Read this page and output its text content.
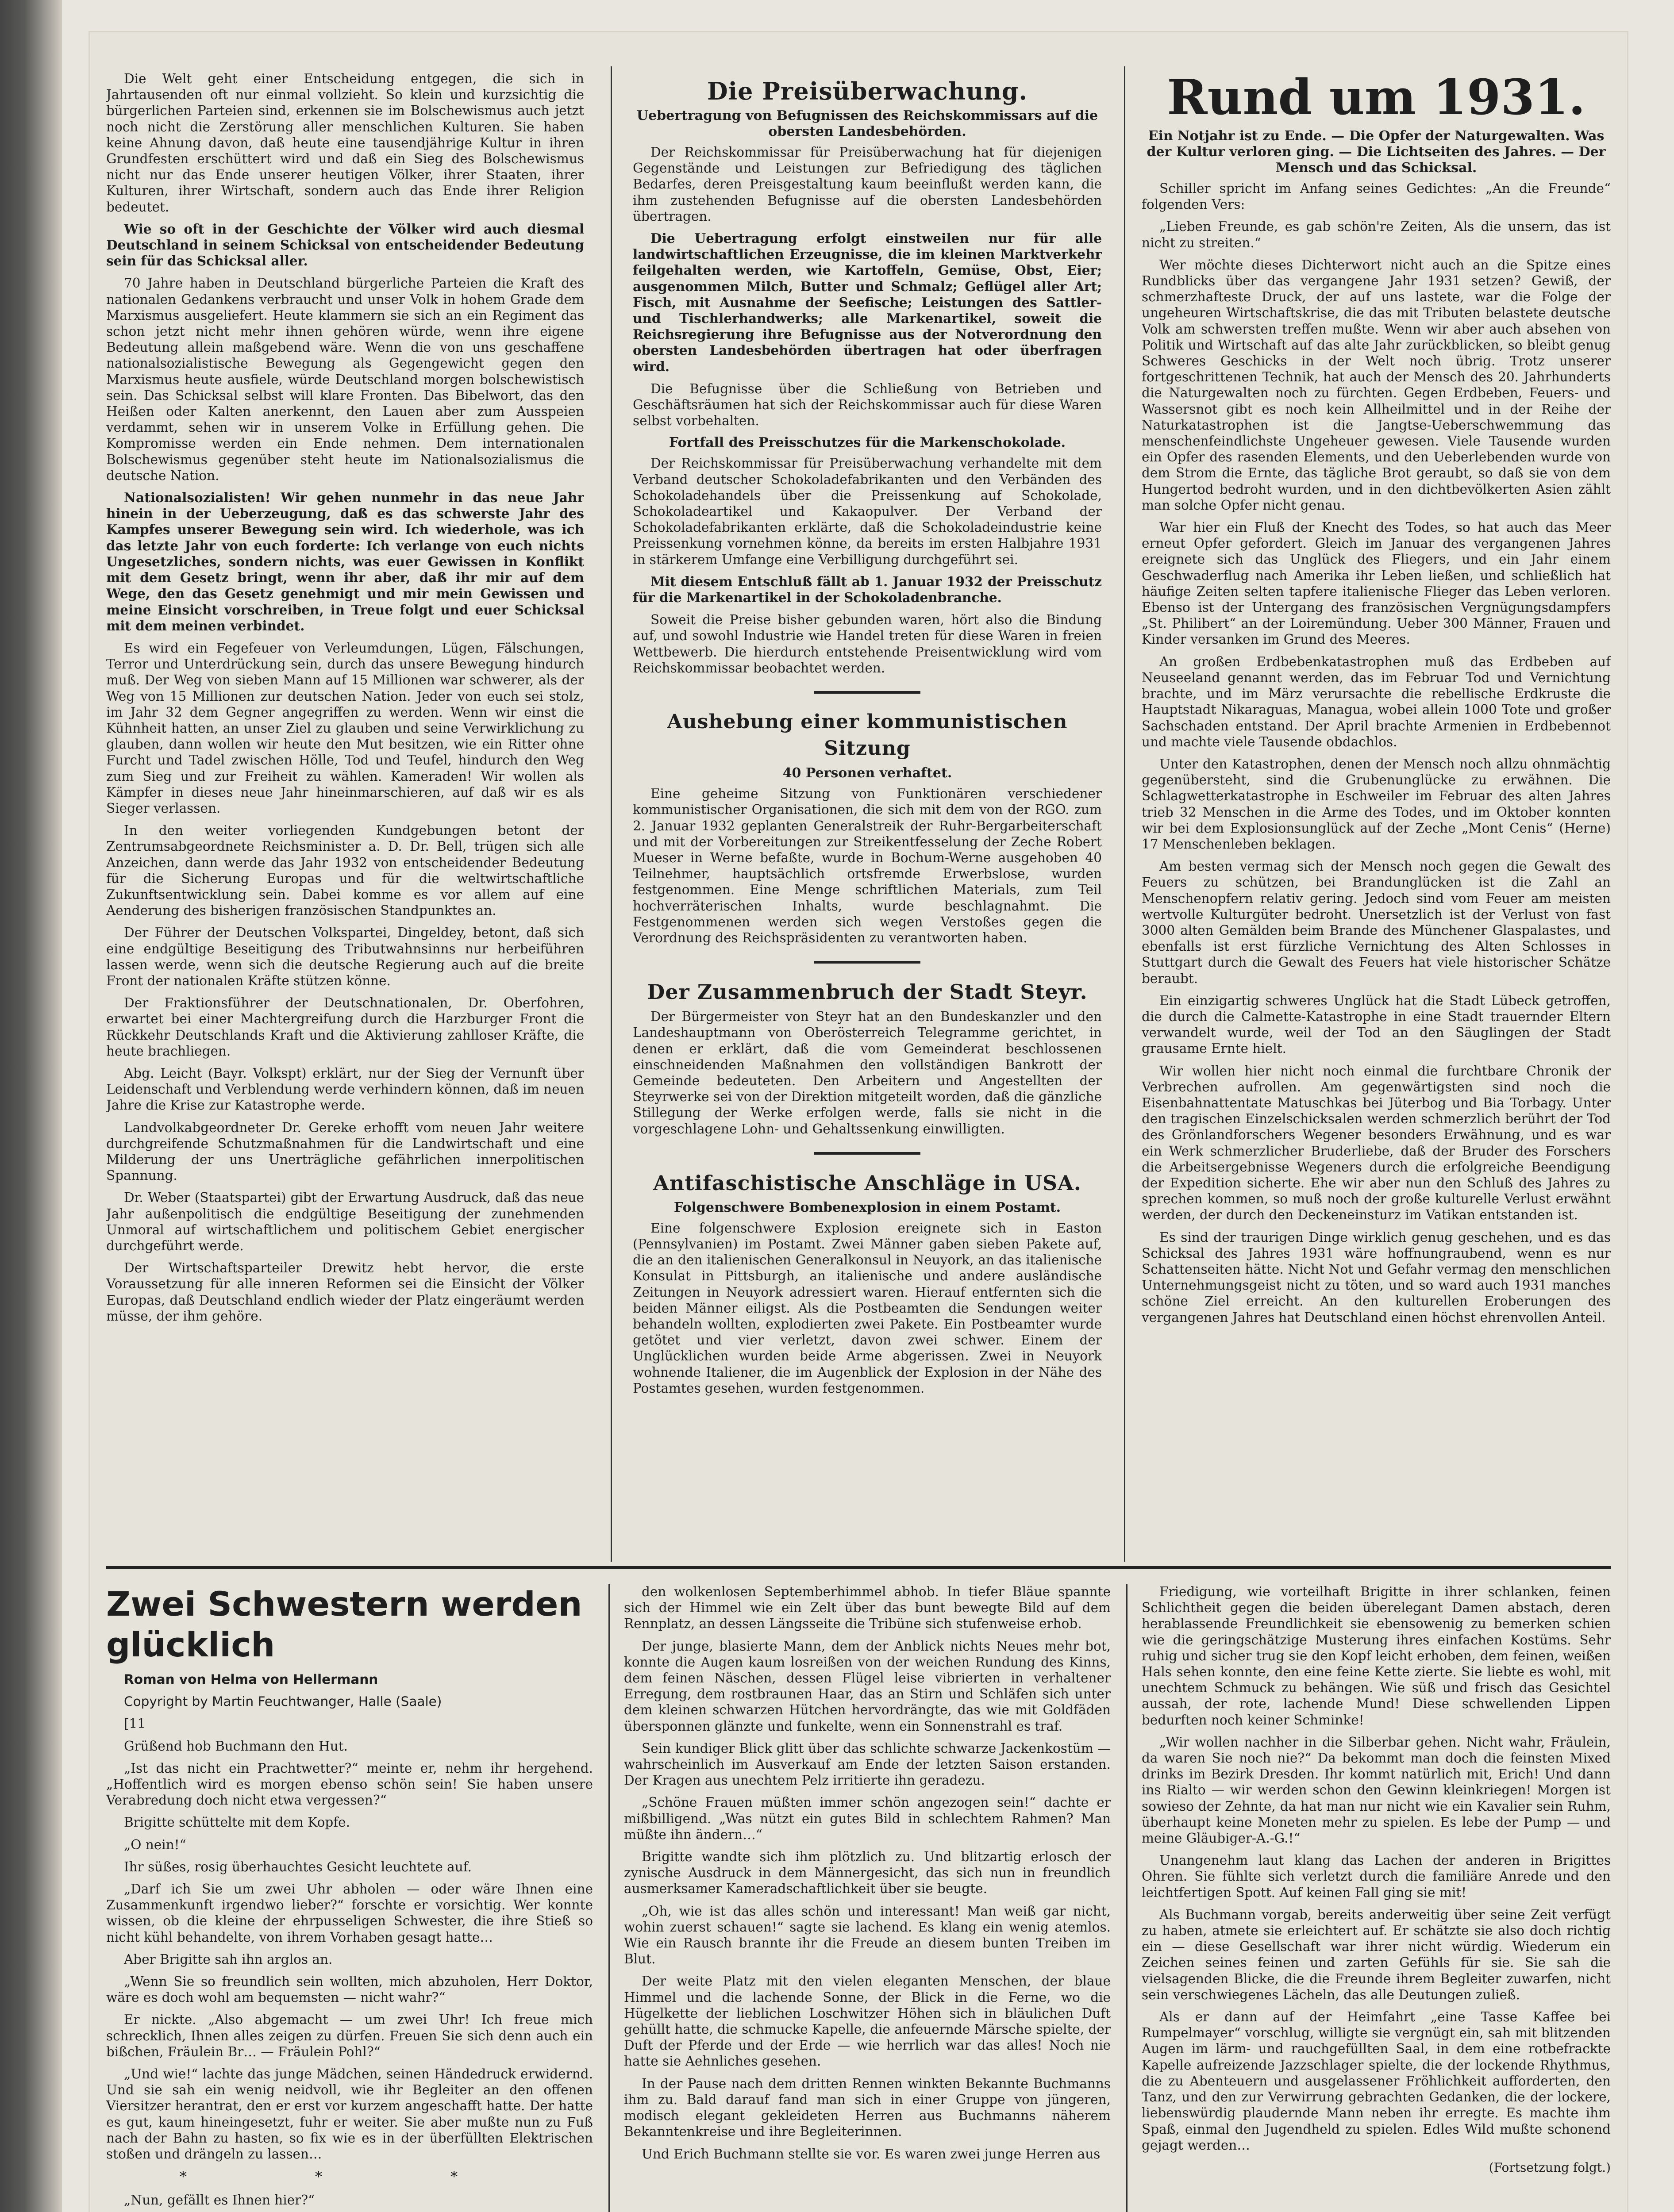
Die Welt geht einer Entscheidung entgegen, die sich in Jahrtausenden oft nur einmal vollzieht. So klein und kurzsichtig die bürgerlichen Parteien sind, erkennen sie im Bolschewismus auch jetzt noch nicht die Zerstörung aller menschlichen Kulturen. Sie haben keine Ahnung davon, daß heute eine tausendjährige Kultur in ihren Grundfesten erschüttert wird und daß ein Sieg des Bolschewismus nicht nur das Ende unserer heutigen Völker, ihrer Staaten, ihrer Kulturen, ihrer Wirtschaft, sondern auch das Ende ihrer Religion bedeutet.

Wie so oft in der Geschichte der Völker wird auch diesmal Deutschland in seinem Schicksal von entscheidender Bedeutung sein für das Schicksal aller.

70 Jahre haben in Deutschland bürgerliche Parteien die Kraft des nationalen Gedankens verbraucht und unser Volk in hohem Grade dem Marxismus ausgeliefert. Heute klammern sie sich an ein Regiment das schon jetzt nicht mehr ihnen gehören würde, wenn ihre eigene Bedeutung allein maßgebend wäre. Wenn die von uns geschaffene nationalsozialistische Bewegung als Gegengewicht gegen den Marxismus heute ausfiele, würde Deutschland morgen bolschewistisch sein. Das Schicksal selbst will klare Fronten. Das Bibelwort, das den Heißen oder Kalten anerkennt, den Lauen aber zum Ausspeien verdammt, sehen wir in unserem Volke in Erfüllung gehen. Die Kompromisse werden ein Ende nehmen. Dem internationalen Bolschewismus gegenüber steht heute im Nationalsozialismus die deutsche Nation.

Nationalsozialisten! Wir gehen nunmehr in das neue Jahr hinein in der Ueberzeugung, daß es das schwerste Jahr des Kampfes unserer Bewegung sein wird. Ich wiederhole, was ich das letzte Jahr von euch forderte: Ich verlange von euch nichts Ungesetzliches, sondern nichts, was euer Gewissen in Konflikt mit dem Gesetz bringt, wenn ihr aber, daß ihr mir auf dem Wege, den das Gesetz genehmigt und mir mein Gewissen und meine Einsicht vorschreiben, in Treue folgt und euer Schicksal mit dem meinen verbindet.

Es wird ein Fegefeuer von Verleumdungen, Lügen, Fälschungen, Terror und Unterdrückung sein, durch das unsere Bewegung hindurch muß. Der Weg von sieben Mann auf 15 Millionen war schwerer, als der Weg von 15 Millionen zur deutschen Nation. Jeder von euch sei stolz, im Jahr 32 dem Gegner angegriffen zu werden. Wenn wir einst die Kühnheit hatten, an unser Ziel zu glauben und seine Verwirklichung zu glauben, dann wollen wir heute den Mut besitzen, wie ein Ritter ohne Furcht und Tadel zwischen Hölle, Tod und Teufel, hindurch den Weg zum Sieg und zur Freiheit zu wählen. Kameraden! Wir wollen als Kämpfer in dieses neue Jahr hineinmarschieren, auf daß wir es als Sieger verlassen.

In den weiter vorliegenden Kundgebungen betont der Zentrumsabgeordnete Reichsminister a. D. Dr. Bell, trügen sich alle Anzeichen, dann werde das Jahr 1932 von entscheidender Bedeutung für die Sicherung Europas und für die weltwirtschaftliche Zukunftsentwicklung sein. Dabei komme es vor allem auf eine Aenderung des bisherigen französischen Standpunktes an.

Der Führer der Deutschen Volkspartei, Dingeldey, betont, daß sich eine endgültige Beseitigung des Tributwahnsinns nur herbeiführen lassen werde, wenn sich die deutsche Regierung auch auf die breite Front der nationalen Kräfte stützen könne.

Der Fraktionsführer der Deutschnationalen, Dr. Oberfohren, erwartet bei einer Machtergreifung durch die Harzburger Front die Rückkehr Deutschlands Kraft und die Aktivierung zahlloser Kräfte, die heute brachliegen.

Abg. Leicht (Bayr. Volkspt) erklärt, nur der Sieg der Vernunft über Leidenschaft und Verblendung werde verhindern können, daß im neuen Jahre die Krise zur Katastrophe werde.

Landvolkabgeordneter Dr. Gereke erhofft vom neuen Jahr weitere durchgreifende Schutzmaßnahmen für die Landwirtschaft und eine Milderung der uns Unerträgliche gefährlichen innerpolitischen Spannung.

Dr. Weber (Staatspartei) gibt der Erwartung Ausdruck, daß das neue Jahr außenpolitisch die endgültige Beseitigung der zunehmenden Unmoral auf wirtschaftlichem und politischem Gebiet energischer durchgeführt werde.

Der Wirtschaftsparteiler Drewitz hebt hervor, die erste Voraussetzung für alle inneren Reformen sei die Einsicht der Völker Europas, daß Deutschland endlich wieder der Platz eingeräumt werden müsse, der ihm gehöre.

Die Preisüberwachung.

Uebertragung von Befugnissen des Reichskommissars auf die obersten Landesbehörden.

Der Reichskommissar für Preisüberwachung hat für diejenigen Gegenstände und Leistungen zur Befriedigung des täglichen Bedarfes, deren Preisgestaltung kaum beeinflußt werden kann, die ihm zustehenden Befugnisse auf die obersten Landesbehörden übertragen.

Die Uebertragung erfolgt einstweilen nur für alle landwirtschaftlichen Erzeugnisse, die im kleinen Marktverkehr feilgehalten werden, wie Kartoffeln, Gemüse, Obst, Eier; ausgenommen Milch, Butter und Schmalz; Geflügel aller Art; Fisch, mit Ausnahme der Seefische; Leistungen des Sattler- und Tischlerhandwerks; alle Markenartikel, soweit die Reichsregierung ihre Befugnisse aus der Notverordnung den obersten Landesbehörden übertragen hat oder überfragen wird.

Die Befugnisse über die Schließung von Betrieben und Geschäftsräumen hat sich der Reichskommissar auch für diese Waren selbst vorbehalten.

Fortfall des Preisschutzes für die Markenschokolade.

Der Reichskommissar für Preisüberwachung verhandelte mit dem Verband deutscher Schokoladefabrikanten und den Verbänden des Schokoladehandels über die Preissenkung auf Schokolade, Schokoladeartikel und Kakaopulver. Der Verband der Schokoladefabrikanten erklärte, daß die Schokoladeindustrie keine Preissenkung vornehmen könne, da bereits im ersten Halbjahre 1931 in stärkerem Umfange eine Verbilligung durchgeführt sei.

Mit diesem Entschluß fällt ab 1. Januar 1932 der Preisschutz für die Markenartikel in der Schokoladenbranche.

Soweit die Preise bisher gebunden waren, hört also die Bindung auf, und sowohl Industrie wie Handel treten für diese Waren in freien Wettbewerb. Die hierdurch entstehende Preisentwicklung wird vom Reichskommissar beobachtet werden.

Aushebung einer kommunistischen Sitzung

40 Personen verhaftet.

Eine geheime Sitzung von Funktionären verschiedener kommunistischer Organisationen, die sich mit dem von der RGO. zum 2. Januar 1932 geplanten Generalstreik der Ruhr-Bergarbeiterschaft und mit der Vorbereitungen zur Streikentfesselung der Zeche Robert Mueser in Werne befaßte, wurde in Bochum-Werne ausgehoben 40 Teilnehmer, hauptsächlich ortsfremde Erwerbslose, wurden festgenommen. Eine Menge schriftlichen Materials, zum Teil hochverräterischen Inhalts, wurde beschlagnahmt. Die Festgenommenen werden sich wegen Verstoßes gegen die Verordnung des Reichspräsidenten zu verantworten haben.

Der Zusammenbruch der Stadt Steyr.

Der Bürgermeister von Steyr hat an den Bundeskanzler und den Landeshauptmann von Oberösterreich Telegramme gerichtet, in denen er erklärt, daß die vom Gemeinderat beschlossenen einschneidenden Maßnahmen den vollständigen Bankrott der Gemeinde bedeuteten. Den Arbeitern und Angestellten der Steyrwerke sei von der Direktion mitgeteilt worden, daß die gänzliche Stillegung der Werke erfolgen werde, falls sie nicht in die vorgeschlagene Lohn- und Gehaltssenkung einwilligten.

Antifaschistische Anschläge in USA.

Folgenschwere Bombenexplosion in einem Postamt.

Eine folgenschwere Explosion ereignete sich in Easton (Pennsylvanien) im Postamt. Zwei Männer gaben sieben Pakete auf, die an den italienischen Generalkonsul in Neuyork, an das italienische Konsulat in Pittsburgh, an italienische und andere ausländische Zeitungen in Neuyork adressiert waren. Hierauf entfernten sich die beiden Männer eiligst. Als die Postbeamten die Sendungen weiter behandeln wollten, explodierten zwei Pakete. Ein Postbeamter wurde getötet und vier verletzt, davon zwei schwer. Einem der Unglücklichen wurden beide Arme abgerissen. Zwei in Neuyork wohnende Italiener, die im Augenblick der Explosion in der Nähe des Postamtes gesehen, wurden festgenommen.

Rund um 1931.

Ein Notjahr ist zu Ende. — Die Opfer der Naturgewalten. Was der Kultur verloren ging. — Die Lichtseiten des Jahres. — Der Mensch und das Schicksal.

Schiller spricht im Anfang seines Gedichtes: „An die Freunde“ folgenden Vers:

„Lieben Freunde, es gab schön're Zeiten, Als die unsern, das ist nicht zu streiten.“

Wer möchte dieses Dichterwort nicht auch an die Spitze eines Rundblicks über das vergangene Jahr 1931 setzen? Gewiß, der schmerzhafteste Druck, der auf uns lastete, war die Folge der ungeheuren Wirtschaftskrise, die das mit Tributen belastete deutsche Volk am schwersten treffen mußte. Wenn wir aber auch absehen von Politik und Wirtschaft auf das alte Jahr zurückblicken, so bleibt genug Schweres Geschicks in der Welt noch übrig. Trotz unserer fortgeschrittenen Technik, hat auch der Mensch des 20. Jahrhunderts die Naturgewalten noch zu fürchten. Gegen Erdbeben, Feuers- und Wassersnot gibt es noch kein Allheilmittel und in der Reihe der Naturkatastrophen ist die Jangtse-Ueberschwemmung das menschenfeindlichste Ungeheuer gewesen. Viele Tausende wurden ein Opfer des rasenden Elements, und den Ueberlebenden wurde von dem Strom die Ernte, das tägliche Brot geraubt, so daß sie von dem Hungertod bedroht wurden, und in den dichtbevölkerten Asien zählt man solche Opfer nicht genau.

War hier ein Fluß der Knecht des Todes, so hat auch das Meer erneut Opfer gefordert. Gleich im Januar des vergangenen Jahres ereignete sich das Unglück des Fliegers, und ein Jahr einem Geschwaderflug nach Amerika ihr Leben ließen, und schließlich hat häufige Zeiten selten tapfere italienische Flieger das Leben verloren. Ebenso ist der Untergang des französischen Vergnügungsdampfers „St. Philibert“ an der Loiremündung. Ueber 300 Männer, Frauen und Kinder versanken im Grund des Meeres.

An großen Erdbebenkatastrophen muß das Erdbeben auf Neuseeland genannt werden, das im Februar Tod und Vernichtung brachte, und im März verursachte die rebellische Erdkruste die Hauptstadt Nikaraguas, Managua, wobei allein 1000 Tote und großer Sachschaden entstand. Der April brachte Armenien in Erdbebennot und machte viele Tausende obdachlos.

Unter den Katastrophen, denen der Mensch noch allzu ohnmächtig gegenübersteht, sind die Grubenunglücke zu erwähnen. Die Schlagwetterkatastrophe in Eschweiler im Februar des alten Jahres trieb 32 Menschen in die Arme des Todes, und im Oktober konnten wir bei dem Explosionsunglück auf der Zeche „Mont Cenis“ (Herne) 17 Menschenleben beklagen.

Am besten vermag sich der Mensch noch gegen die Gewalt des Feuers zu schützen, bei Brandunglücken ist die Zahl an Menschenopfern relativ gering. Jedoch sind vom Feuer am meisten wertvolle Kulturgüter bedroht. Unersetzlich ist der Verlust von fast 3000 alten Gemälden beim Brande des Münchener Glaspalastes, und ebenfalls ist erst fürzliche Vernichtung des Alten Schlosses in Stuttgart durch die Gewalt des Feuers hat viele historischer Schätze beraubt.

Ein einzigartig schweres Unglück hat die Stadt Lübeck getroffen, die durch die Calmette-Katastrophe in eine Stadt trauernder Eltern verwandelt wurde, weil der Tod an den Säuglingen der Stadt grausame Ernte hielt.

Wir wollen hier nicht noch einmal die furchtbare Chronik der Verbrechen aufrollen. Am gegenwärtigsten sind noch die Eisenbahnattentate Matuschkas bei Jüterbog und Bia Torbagy. Unter den tragischen Einzelschicksalen werden schmerzlich berührt der Tod des Grönlandforschers Wegener besonders Erwähnung, und es war ein Werk schmerzlicher Bruderliebe, daß der Bruder des Forschers die Arbeitsergebnisse Wegeners durch die erfolgreiche Beendigung der Expedition sicherte. Ehe wir aber nun den Schluß des Jahres zu sprechen kommen, so muß noch der große kulturelle Verlust erwähnt werden, der durch den Deckeneinsturz im Vatikan entstanden ist.

Es sind der traurigen Dinge wirklich genug geschehen, und es das Schicksal des Jahres 1931 wäre hoffnungraubend, wenn es nur Schattenseiten hätte. Nicht Not und Gefahr vermag den menschlichen Unternehmungsgeist nicht zu töten, und so ward auch 1931 manches schöne Ziel erreicht. An den kulturellen Eroberungen des vergangenen Jahres hat Deutschland einen höchst ehrenvollen Anteil.

Zwei Schwestern werden glücklich

Roman von Helma von Hellermann

Copyright by Martin Feuchtwanger, Halle (Saale)

[11

Grüßend hob Buchmann den Hut.

„Ist das nicht ein Prachtwetter?“ meinte er, nehm ihr hergehend. „Hoffentlich wird es morgen ebenso schön sein! Sie haben unsere Verabredung doch nicht etwa vergessen?“

Brigitte schüttelte mit dem Kopfe.

„O nein!“

Ihr süßes, rosig überhauchtes Gesicht leuchtete auf.

„Darf ich Sie um zwei Uhr abholen — oder wäre Ihnen eine Zusammenkunft irgendwo lieber?“ forschte er vorsichtig. Wer konnte wissen, ob die kleine der ehrpusseligen Schwester, die ihre Stieß so nicht kühl behandelte, von ihrem Vorhaben gesagt hatte…

Aber Brigitte sah ihn arglos an.

„Wenn Sie so freundlich sein wollten, mich abzuholen, Herr Doktor, wäre es doch wohl am bequemsten — nicht wahr?“

Er nickte. „Also abgemacht — um zwei Uhr! Ich freue mich schrecklich, Ihnen alles zeigen zu dürfen. Freuen Sie sich denn auch ein bißchen, Fräulein Br… — Fräulein Pohl?“

„Und wie!“ lachte das junge Mädchen, seinen Händedruck erwidernd. Und sie sah ein wenig neidvoll, wie ihr Begleiter an den offenen Viersitzer herantrat, den er erst vor kurzem angeschafft hatte. Der hatte es gut, kaum hineingesetzt, fuhr er weiter. Sie aber mußte nun zu Fuß nach der Bahn zu hasten, so fix wie es in der überfüllten Elektrischen stoßen und drängeln zu lassen…

* * *

„Nun, gefällt es Ihnen hier?“

den wolkenlosen Septemberhimmel abhob. In tiefer Bläue spannte sich der Himmel wie ein Zelt über das bunt bewegte Bild auf dem Rennplatz, an dessen Längsseite die Tribüne sich stufenweise erhob.

Der junge, blasierte Mann, dem der Anblick nichts Neues mehr bot, konnte die Augen kaum losreißen von der weichen Rundung des Kinns, dem feinen Näschen, dessen Flügel leise vibrierten in verhaltener Erregung, dem rostbraunen Haar, das an Stirn und Schläfen sich unter dem kleinen schwarzen Hütchen hervordrängte, das wie mit Goldfäden übersponnen glänzte und funkelte, wenn ein Sonnenstrahl es traf.

Sein kundiger Blick glitt über das schlichte schwarze Jackenkostüm — wahrscheinlich im Ausverkauf am Ende der letzten Saison erstanden. Der Kragen aus unechtem Pelz irritierte ihn geradezu.

„Schöne Frauen müßten immer schön angezogen sein!“ dachte er mißbilligend. „Was nützt ein gutes Bild in schlechtem Rahmen? Man müßte ihn ändern…“

Brigitte wandte sich ihm plötzlich zu. Und blitzartig erlosch der zynische Ausdruck in dem Männergesicht, das sich nun in freundlich ausmerksamer Kameradschaftlichkeit über sie beugte.

„Oh, wie ist das alles schön und interessant! Man weiß gar nicht, wohin zuerst schauen!“ sagte sie lachend. Es klang ein wenig atemlos. Wie ein Rausch brannte ihr die Freude an diesem bunten Treiben im Blut.

Der weite Platz mit den vielen eleganten Menschen, der blaue Himmel und die lachende Sonne, der Blick in die Ferne, wo die Hügelkette der lieblichen Loschwitzer Höhen sich in bläulichen Duft gehüllt hatte, die schmucke Kapelle, die anfeuernde Märsche spielte, der Duft der Pferde und der Erde — wie herrlich war das alles! Noch nie hatte sie Aehnliches gesehen.

In der Pause nach dem dritten Rennen winkten Bekannte Buchmanns ihm zu. Bald darauf fand man sich in einer Gruppe von jüngeren, modisch elegant gekleideten Herren aus Buchmanns näherem Bekanntenkreise und ihre Begleiterinnen.

Und Erich Buchmann stellte sie vor. Es waren zwei junge Herren aus

Friedigung, wie vorteilhaft Brigitte in ihrer schlanken, feinen Schlichtheit gegen die beiden überelegant Damen abstach, deren herablassende Freundlichkeit sie ebensowenig zu bemerken schien wie die geringschätzige Musterung ihres einfachen Kostüms. Sehr ruhig und sicher trug sie den Kopf leicht erhoben, dem feinen, weißen Hals sehen konnte, den eine feine Kette zierte. Sie liebte es wohl, mit unechtem Schmuck zu behängen. Wie süß und frisch das Gesichtel aussah, der rote, lachende Mund! Diese schwellenden Lippen bedurften noch keiner Schminke!

„Wir wollen nachher in die Silberbar gehen. Nicht wahr, Fräulein, da waren Sie noch nie?“ Da bekommt man doch die feinsten Mixed drinks im Bezirk Dresden. Ihr kommt natürlich mit, Erich! Und dann ins Rialto — wir werden schon den Gewinn kleinkriegen! Morgen ist sowieso der Zehnte, da hat man nur nicht wie ein Kavalier sein Ruhm, überhaupt keine Moneten mehr zu spielen. Es lebe der Pump — und meine Gläubiger-A.-G.!“

Unangenehm laut klang das Lachen der anderen in Brigittes Ohren. Sie fühlte sich verletzt durch die familiäre Anrede und den leichtfertigen Spott. Auf keinen Fall ging sie mit!

Als Buchmann vorgab, bereits anderweitig über seine Zeit verfügt zu haben, atmete sie erleichtert auf. Er schätzte sie also doch richtig ein — diese Gesellschaft war ihrer nicht würdig. Wiederum ein Zeichen seines feinen und zarten Gefühls für sie. Sie sah die vielsagenden Blicke, die die Freunde ihrem Begleiter zuwarfen, nicht sein verschwiegenes Lächeln, das alle Deutungen zuließ.

Als er dann auf der Heimfahrt „eine Tasse Kaffee bei Rumpelmayer“ vorschlug, willigte sie vergnügt ein, sah mit blitzenden Augen im lärm- und rauchgefüllten Saal, in dem eine rotbefrackte Kapelle aufreizende Jazzschlager spielte, die der lockende Rhythmus, die zu Abenteuern und ausgelassener Fröhlichkeit aufforderten, den Tanz, und den zur Verwirrung gebrachten Gedanken, die der lockere, liebenswürdig plaudernde Mann neben ihr erregte. Es machte ihm Spaß, einmal den Jugendheld zu spielen. Edles Wild mußte schonend gejagt werden…

(Fortsetzung folgt.)
